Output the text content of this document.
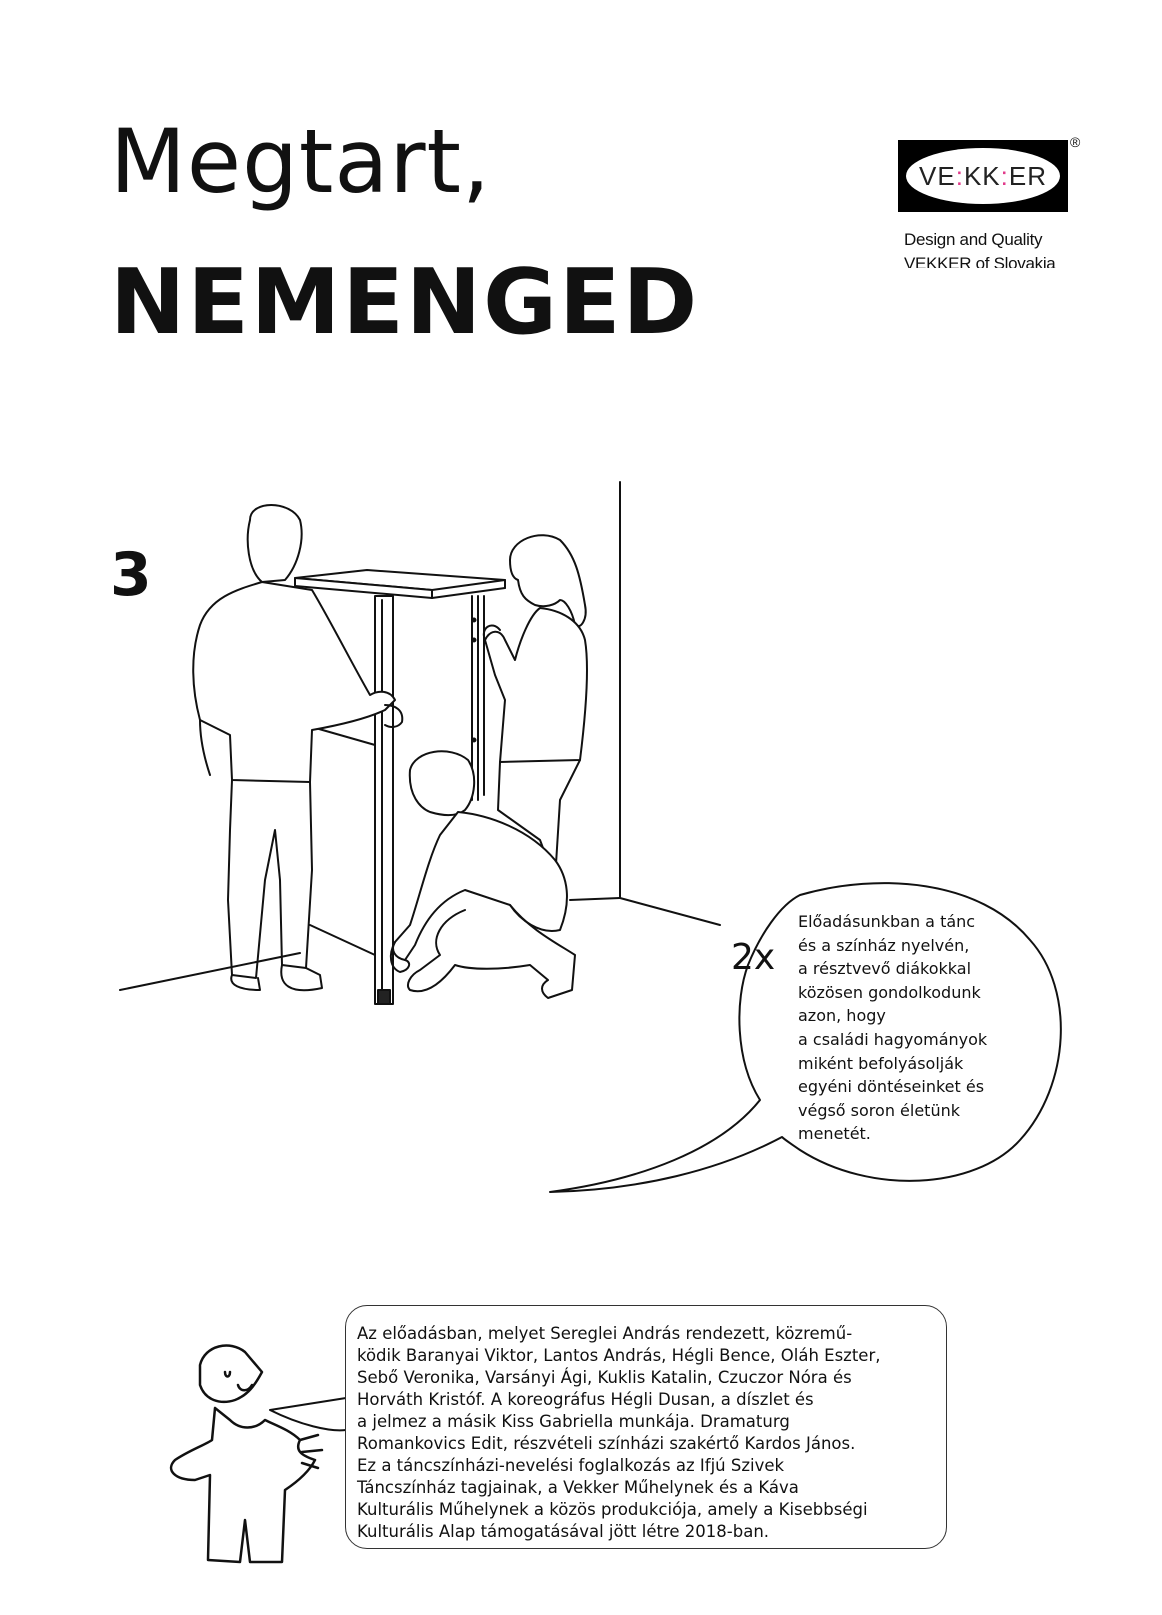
Megtart,
NEMENGED
VE : KK : ER
®
Design and Quality
VEKKER of Slovakia
3
Előadásunkban a tánc
és a színház nyelvén,
a résztvevő diákokkal
közösen gondolkodunk
azon, hogy
a családi hagyományok
miként befolyásolják
egyéni döntéseinket és
végső soron életünk
menetét.
2x
Az előadásban, melyet Sereglei András rendezett, közremű-
ködik Baranyai Viktor, Lantos András, Hégli Bence, Oláh Eszter,
Sebő Veronika, Varsányi Ági, Kuklis Katalin, Czuczor Nóra és
Horváth Kristóf. A koreográfus Hégli Dusan, a díszlet és
a jelmez a másik Kiss Gabriella munkája. Dramaturg
Romankovics Edit, részvételi színházi szakértő Kardos János.
Ez a táncszínházi-nevelési foglalkozás az Ifjú Szivek
Táncszínház tagjainak, a Vekker Műhelynek és a Káva
Kulturális Műhelynek a közös produkciója, amely a Kisebbségi
Kulturális Alap támogatásával jött létre 2018-ban.
